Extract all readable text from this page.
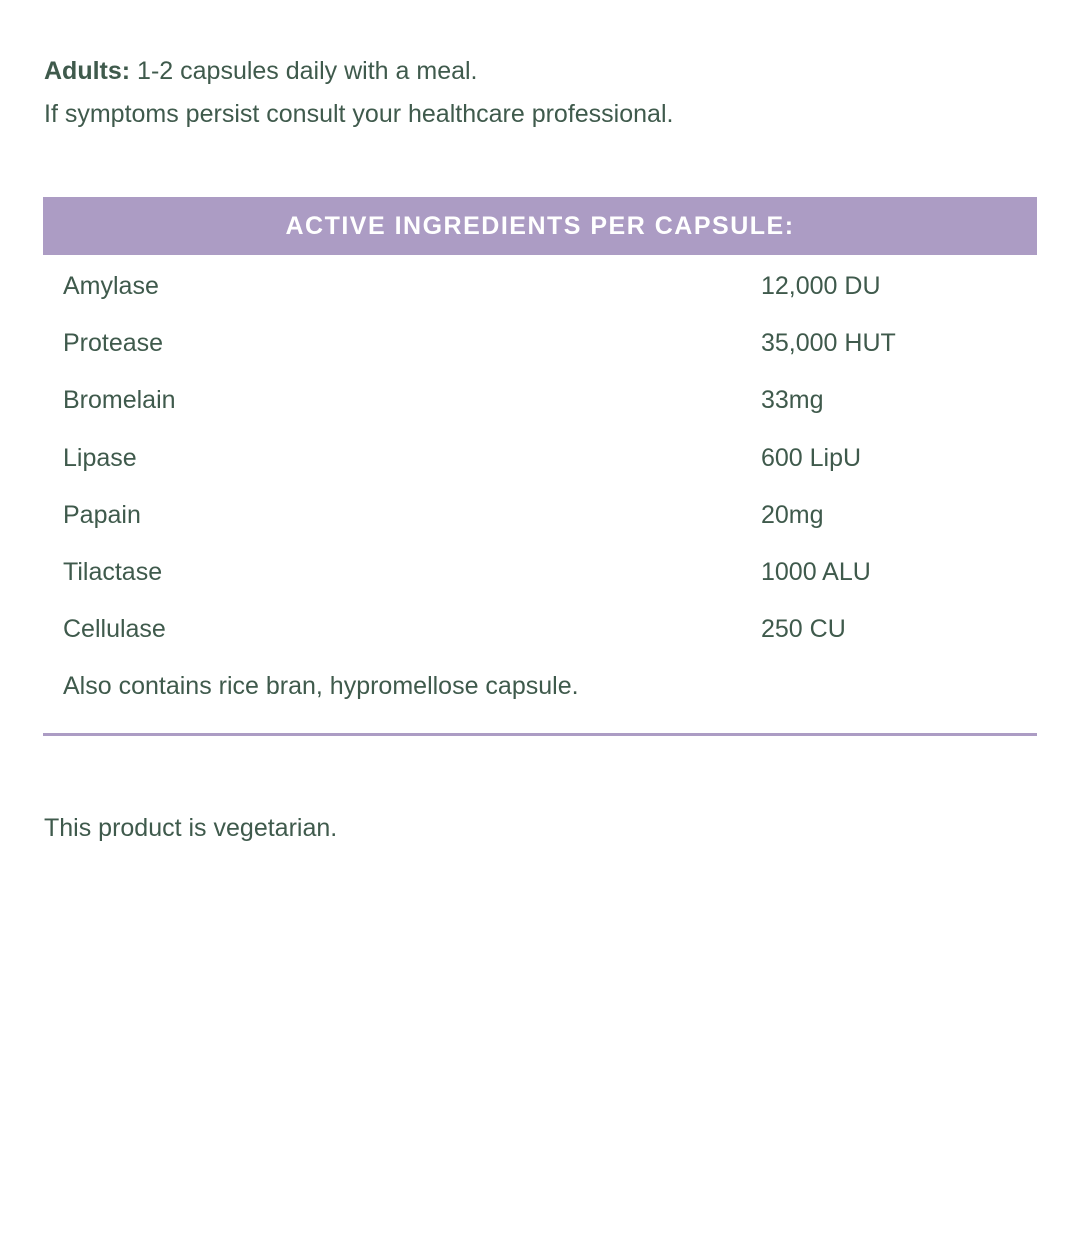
Adults: 1-2 capsules daily with a meal.
If symptoms persist consult your healthcare professional.
ACTIVE INGREDIENTS PER CAPSULE:
Amylase	12,000 DU
Protease	35,000 HUT
Bromelain	33mg
Lipase	600 LipU
Papain	20mg
Tilactase	1000 ALU
Cellulase	250 CU
Also contains rice bran, hypromellose capsule.
This product is vegetarian.
